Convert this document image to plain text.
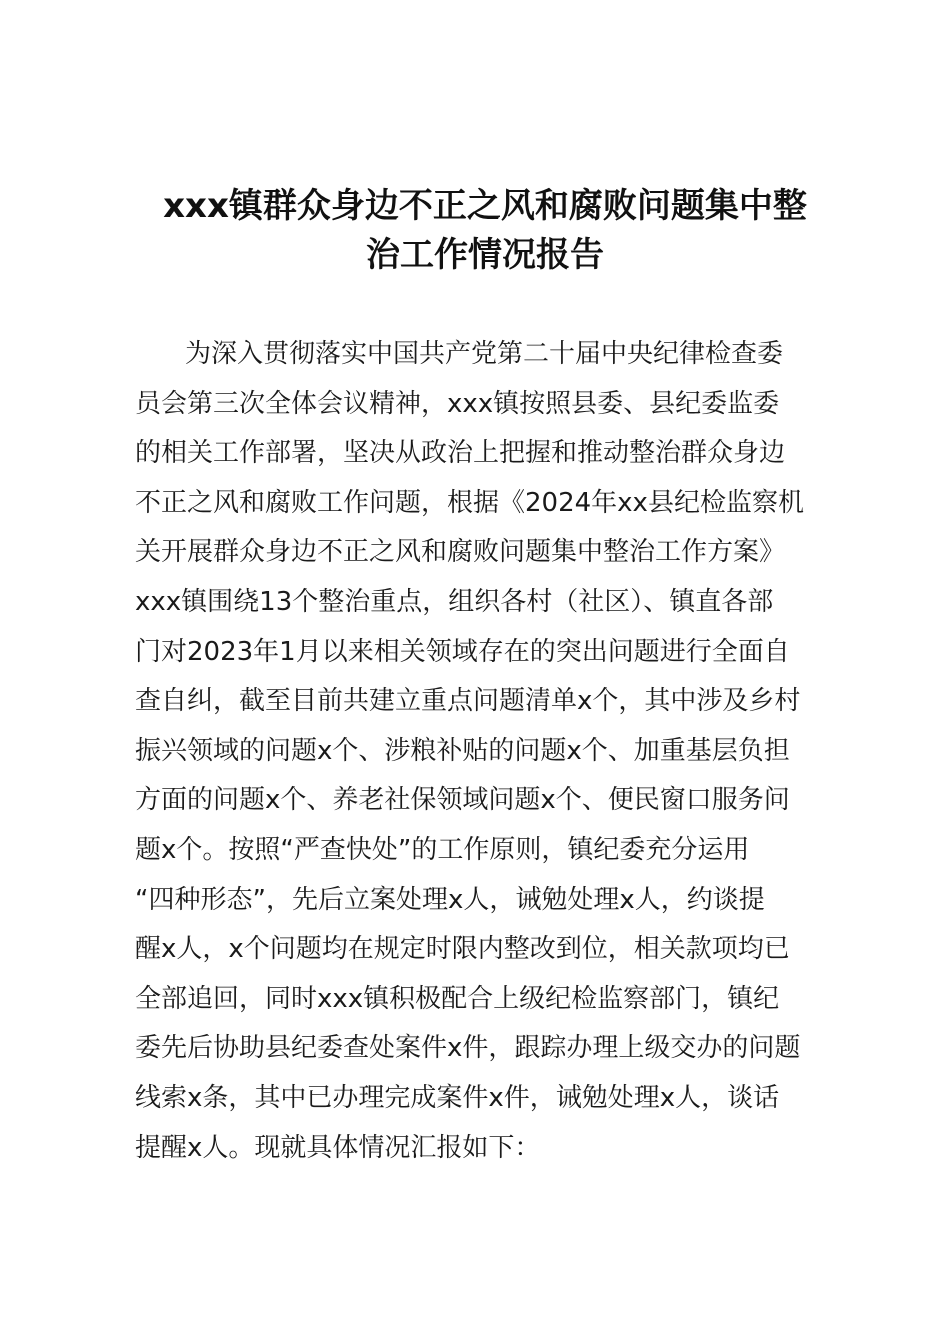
xxx镇群众身边不正之风和腐败问题集中整
治工作情况报告
为深入贯彻落实中国共产党第二十届中央纪律检查委
员会第三次全体会议精神，xxx镇按照县委、县纪委监委
的相关工作部署，坚决从政治上把握和推动整治群众身边
不正之风和腐败工作问题，根据《2024年xx县纪检监察机
关开展群众身边不正之风和腐败问题集中整治工作方案》
xxx镇围绕13个整治重点，组织各村（社区）、镇直各部
门对2023年1月以来相关领域存在的突出问题进行全面自
查自纠，截至目前共建立重点问题清单x个，其中涉及乡村
振兴领域的问题x个、涉粮补贴的问题x个、加重基层负担
方面的问题x个、养老社保领域问题x个、便民窗口服务问
题x个。按照“严查快处”的工作原则，镇纪委充分运用
“四种形态”，先后立案处理x人，诫勉处理x人，约谈提
醒x人，x个问题均在规定时限内整改到位，相关款项均已
全部追回，同时xxx镇积极配合上级纪检监察部门，镇纪
委先后协助县纪委查处案件x件，跟踪办理上级交办的问题
线索x条，其中已办理完成案件x件，诫勉处理x人，谈话
提醒x人。现就具体情况汇报如下：
